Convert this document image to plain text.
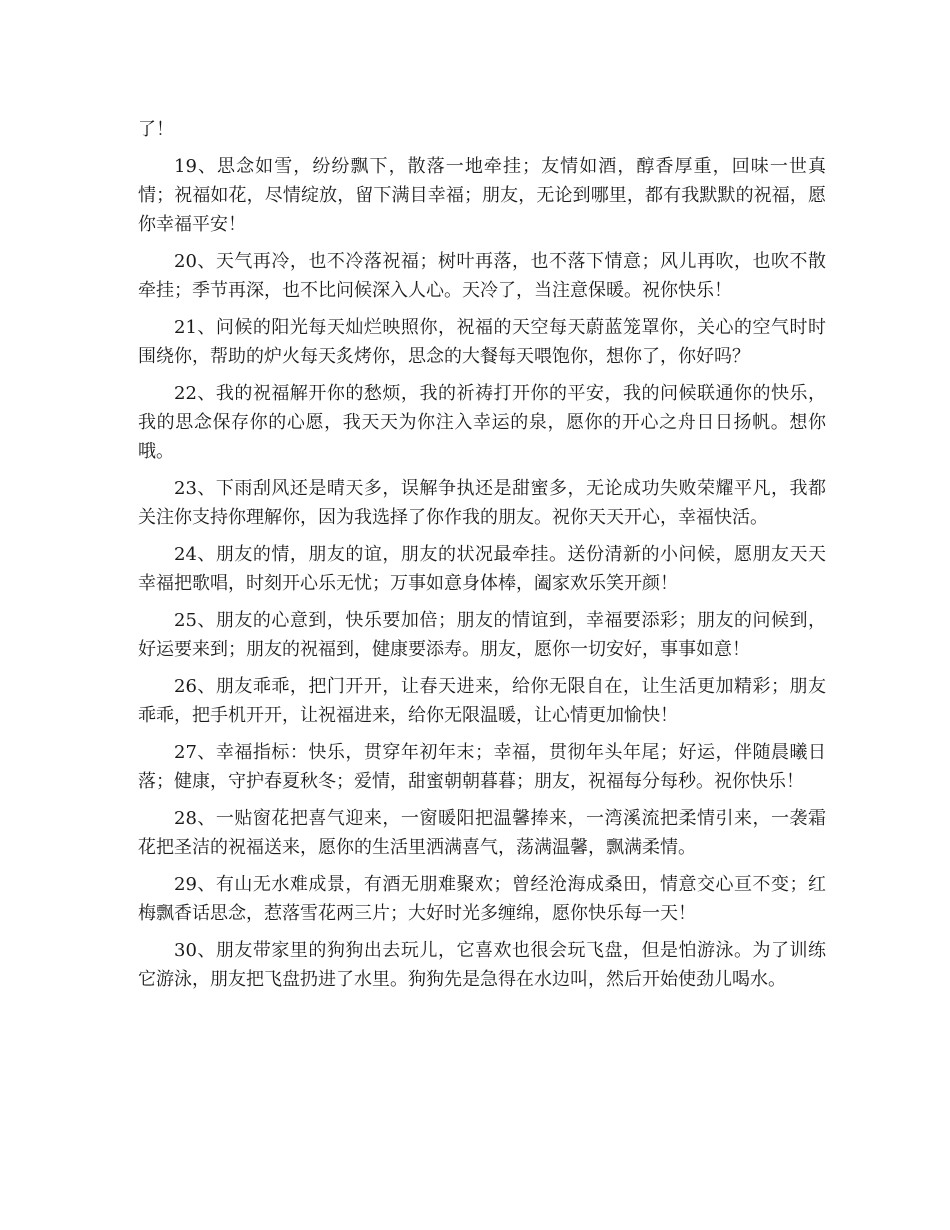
了！

19、思念如雪，纷纷飘下，散落一地牵挂；友情如酒，醇香厚重，回味一世真情；祝福如花，尽情绽放，留下满目幸福；朋友，无论到哪里，都有我默默的祝福，愿你幸福平安！

20、天气再冷，也不冷落祝福；树叶再落，也不落下情意；风儿再吹，也吹不散牵挂；季节再深，也不比问候深入人心。天冷了，当注意保暖。祝你快乐！

21、问候的阳光每天灿烂映照你，祝福的天空每天蔚蓝笼罩你，关心的空气时时围绕你，帮助的炉火每天炙烤你，思念的大餐每天喂饱你，想你了，你好吗？

22、我的祝福解开你的愁烦，我的祈祷打开你的平安，我的问候联通你的快乐，我的思念保存你的心愿，我天天为你注入幸运的泉，愿你的开心之舟日日扬帆。想你哦。

23、下雨刮风还是晴天多，误解争执还是甜蜜多，无论成功失败荣耀平凡，我都关注你支持你理解你，因为我选择了你作我的朋友。祝你天天开心，幸福快活。

24、朋友的情，朋友的谊，朋友的状况最牵挂。送份清新的小问候，愿朋友天天幸福把歌唱，时刻开心乐无忧；万事如意身体棒，阖家欢乐笑开颜！

25、朋友的心意到，快乐要加倍；朋友的情谊到，幸福要添彩；朋友的问候到，好运要来到；朋友的祝福到，健康要添寿。朋友，愿你一切安好，事事如意！

26、朋友乖乖，把门开开，让春天进来，给你无限自在，让生活更加精彩；朋友乖乖，把手机开开，让祝福进来，给你无限温暖，让心情更加愉快！

27、幸福指标：快乐，贯穿年初年末；幸福，贯彻年头年尾；好运，伴随晨曦日落；健康，守护春夏秋冬；爱情，甜蜜朝朝暮暮；朋友，祝福每分每秒。祝你快乐！

28、一贴窗花把喜气迎来，一窗暖阳把温馨捧来，一湾溪流把柔情引来，一袭霜花把圣洁的祝福送来，愿你的生活里洒满喜气，荡满温馨，飘满柔情。

29、有山无水难成景，有酒无朋难聚欢；曾经沧海成桑田，情意交心亘不变；红梅飘香话思念，惹落雪花两三片；大好时光多缠绵，愿你快乐每一天！

30、朋友带家里的狗狗出去玩儿，它喜欢也很会玩飞盘，但是怕游泳。为了训练它游泳，朋友把飞盘扔进了水里。狗狗先是急得在水边叫，然后开始使劲儿喝水。
